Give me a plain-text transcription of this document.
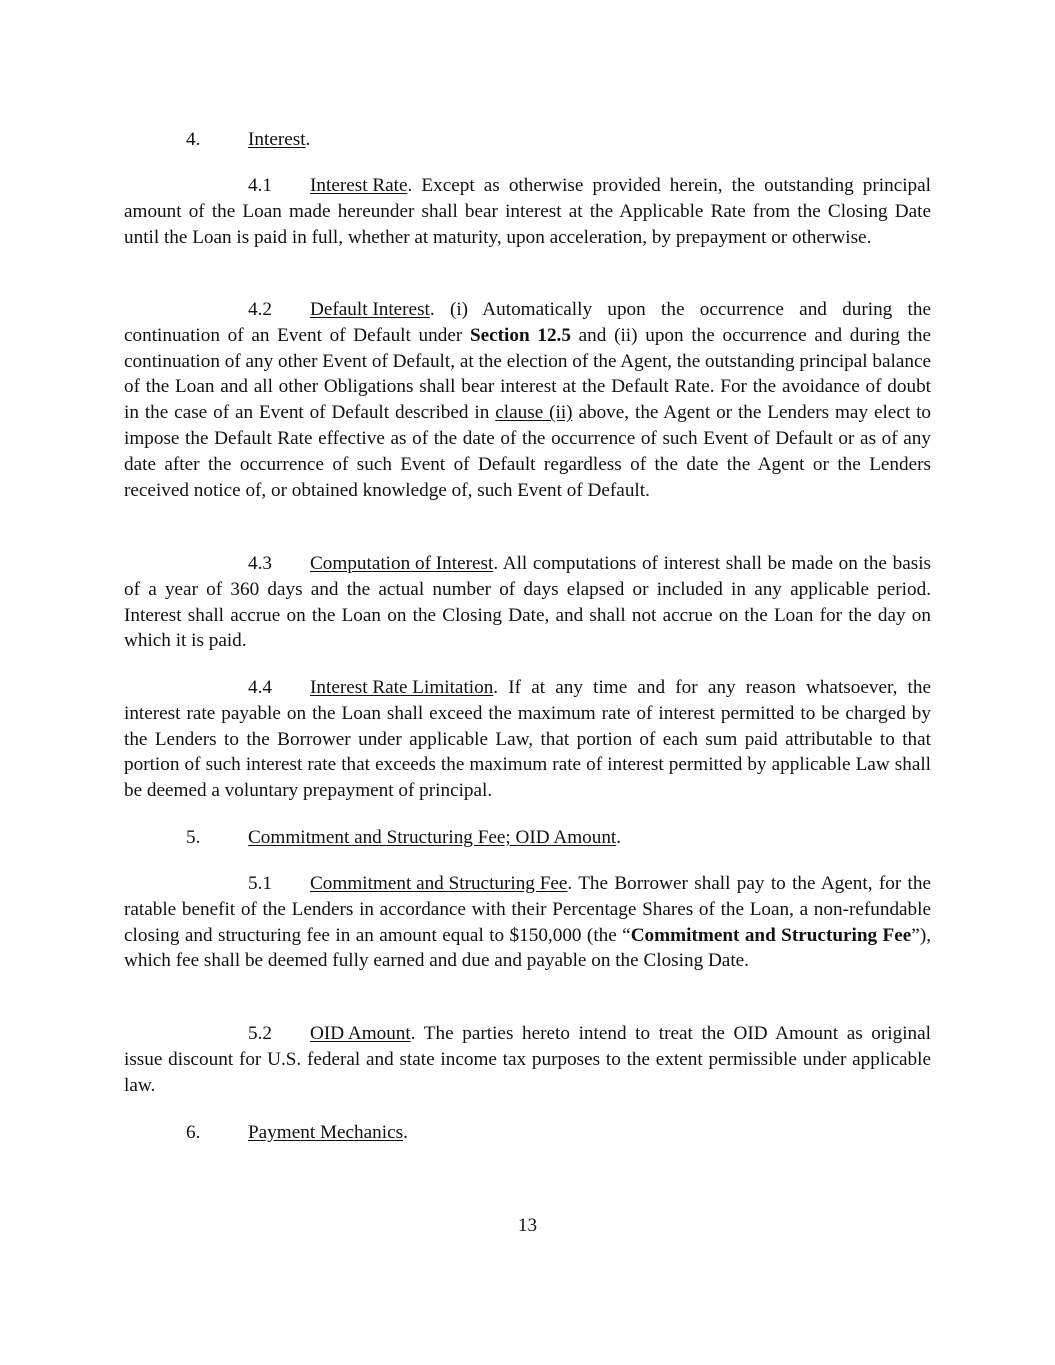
4. Interest.

4.1 Interest Rate. Except as otherwise provided herein, the outstanding principal amount of the Loan made hereunder shall bear interest at the Applicable Rate from the Closing Date until the Loan is paid in full, whether at maturity, upon acceleration, by prepayment or otherwise.

4.2 Default Interest. (i) Automatically upon the occurrence and during the continuation of an Event of Default under Section 12.5 and (ii) upon the occurrence and during the continuation of any other Event of Default, at the election of the Agent, the outstanding principal balance of the Loan and all other Obligations shall bear interest at the Default Rate. For the avoidance of doubt in the case of an Event of Default described in clause (ii) above, the Agent or the Lenders may elect to impose the Default Rate effective as of the date of the occurrence of such Event of Default or as of any date after the occurrence of such Event of Default regardless of the date the Agent or the Lenders received notice of, or obtained knowledge of, such Event of Default.

4.3 Computation of Interest. All computations of interest shall be made on the basis of a year of 360 days and the actual number of days elapsed or included in any applicable period. Interest shall accrue on the Loan on the Closing Date, and shall not accrue on the Loan for the day on which it is paid.

4.4 Interest Rate Limitation. If at any time and for any reason whatsoever, the interest rate payable on the Loan shall exceed the maximum rate of interest permitted to be charged by the Lenders to the Borrower under applicable Law, that portion of each sum paid attributable to that portion of such interest rate that exceeds the maximum rate of interest permitted by applicable Law shall be deemed a voluntary prepayment of principal.

5. Commitment and Structuring Fee; OID Amount.

5.1 Commitment and Structuring Fee. The Borrower shall pay to the Agent, for the ratable benefit of the Lenders in accordance with their Percentage Shares of the Loan, a non-refundable closing and structuring fee in an amount equal to $150,000 (the “Commitment and Structuring Fee”), which fee shall be deemed fully earned and due and payable on the Closing Date.

5.2 OID Amount. The parties hereto intend to treat the OID Amount as original issue discount for U.S. federal and state income tax purposes to the extent permissible under applicable law.

6. Payment Mechanics.
13
